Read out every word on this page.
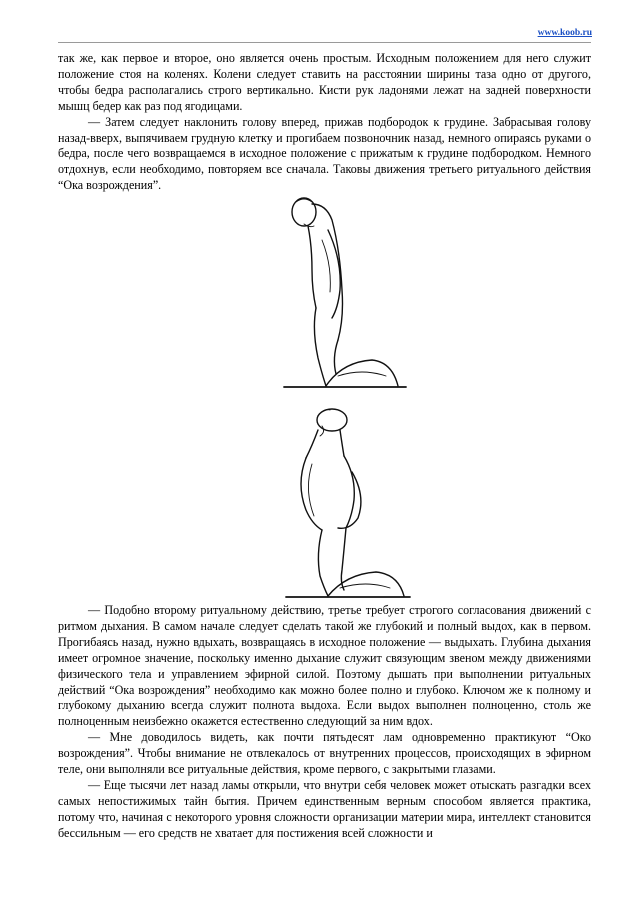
www.koob.ru

так же, как первое и второе, оно является очень простым. Исходным положением для него служит положение стоя на коленях. Колени следует ставить на расстоянии ширины таза одно от другого, чтобы бедра располагались строго вертикально. Кисти рук ладонями лежат на задней поверхности мышц бедер как раз под ягодицами.

— Затем следует наклонить голову вперед, прижав подбородок к грудине. Забрасывая голову назад-вверх, выпячиваем грудную клетку и прогибаем позвоночник назад, немного опираясь руками о бедра, после чего возвращаемся в исходное положение с прижатым к грудине подбородком. Немного отдохнув, если необходимо, повторяем все сначала. Таковы движения третьего ритуального действия “Ока возрождения”.

— Подобно второму ритуальному действию, третье требует строгого согласования движений с ритмом дыхания. В самом начале следует сделать такой же глубокий и полный выдох, как в первом. Прогибаясь назад, нужно вдыхать, возвращаясь в исходное положение — выдыхать. Глубина дыхания имеет огромное значение, поскольку именно дыхание служит связующим звеном между движениями физического тела и управлением эфирной силой. Поэтому дышать при выполнении ритуальных действий “Ока возрождения” необходимо как можно более полно и глубоко. Ключом же к полному и глубокому дыханию всегда служит полнота выдоха. Если выдох выполнен полноценно, столь же полноценным неизбежно окажется естественно следующий за ним вдох.

— Мне доводилось видеть, как почти пятьдесят лам одновременно практикуют “Око возрождения”. Чтобы внимание не отвлекалось от внутренних процессов, происходящих в эфирном теле, они выполняли все ритуальные действия, кроме первого, с закрытыми глазами.

— Еще тысячи лет назад ламы открыли, что внутри себя человек может отыскать разгадки всех самых непостижимых тайн бытия. Причем единственным верным способом является практика, потому что, начиная с некоторого уровня сложности организации материи мира, интеллект становится бессильным — его средств не хватает для постижения всей сложности и
